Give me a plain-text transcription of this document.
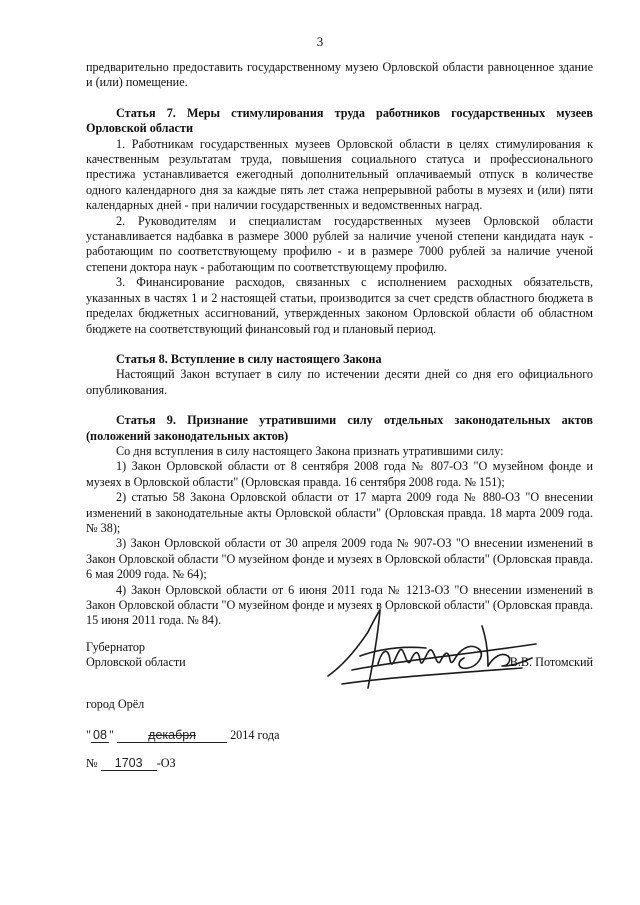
3

предварительно предоставить государственному музею Орловской области равноценное здание и (или) помещение.

Статья 7. Меры стимулирования труда работников государственных музеев Орловской области

1. Работникам государственных музеев Орловской области в целях стимулирования к качественным результатам труда, повышения социального статуса и профессионального престижа устанавливается ежегодный дополнительный оплачиваемый отпуск в количестве одного календарного дня за каждые пять лет стажа непрерывной работы в музеях и (или) пяти календарных дней - при наличии государственных и ведомственных наград.

2. Руководителям и специалистам государственных музеев Орловской области устанавливается надбавка в размере 3000 рублей за наличие ученой степени кандидата наук - работающим по соответствующему профилю - и в размере 7000 рублей за наличие ученой степени доктора наук - работающим по соответствующему профилю.

3. Финансирование расходов, связанных с исполнением расходных обязательств, указанных в частях 1 и 2 настоящей статьи, производится за счет средств областного бюджета в пределах бюджетных ассигнований, утвержденных законом Орловской области об областном бюджете на соответствующий финансовый год и плановый период.

Статья 8. Вступление в силу настоящего Закона

Настоящий Закон вступает в силу по истечении десяти дней со дня его официального опубликования.

Статья 9. Признание утратившими силу отдельных законодательных актов (положений законодательных актов)

Со дня вступления в силу настоящего Закона признать утратившими силу:

1) Закон Орловской области от 8 сентября 2008 года № 807-ОЗ "О музейном фонде и музеях в Орловской области" (Орловская правда. 16 сентября 2008 года. № 151);

2) статью 58 Закона Орловской области от 17 марта 2009 года № 880-ОЗ "О внесении изменений в законодательные акты Орловской области" (Орловская правда. 18 марта 2009 года. № 38);

3) Закон Орловской области от 30 апреля 2009 года № 907-ОЗ "О внесении изменений в Закон Орловской области "О музейном фонде и музеях в Орловской области" (Орловская правда. 6 мая 2009 года. № 64);

4) Закон Орловской области от 6 июня 2011 года № 1213-ОЗ "О внесении изменений в Закон Орловской области "О музейном фонде и музеях в Орловской области" (Орловская правда. 15 июня 2011 года. № 84).

Губернатор
Орловской области	В.В. Потомский
город Орёл
" 08 "	декабря	2014 года
№ 1703 -ОЗ
